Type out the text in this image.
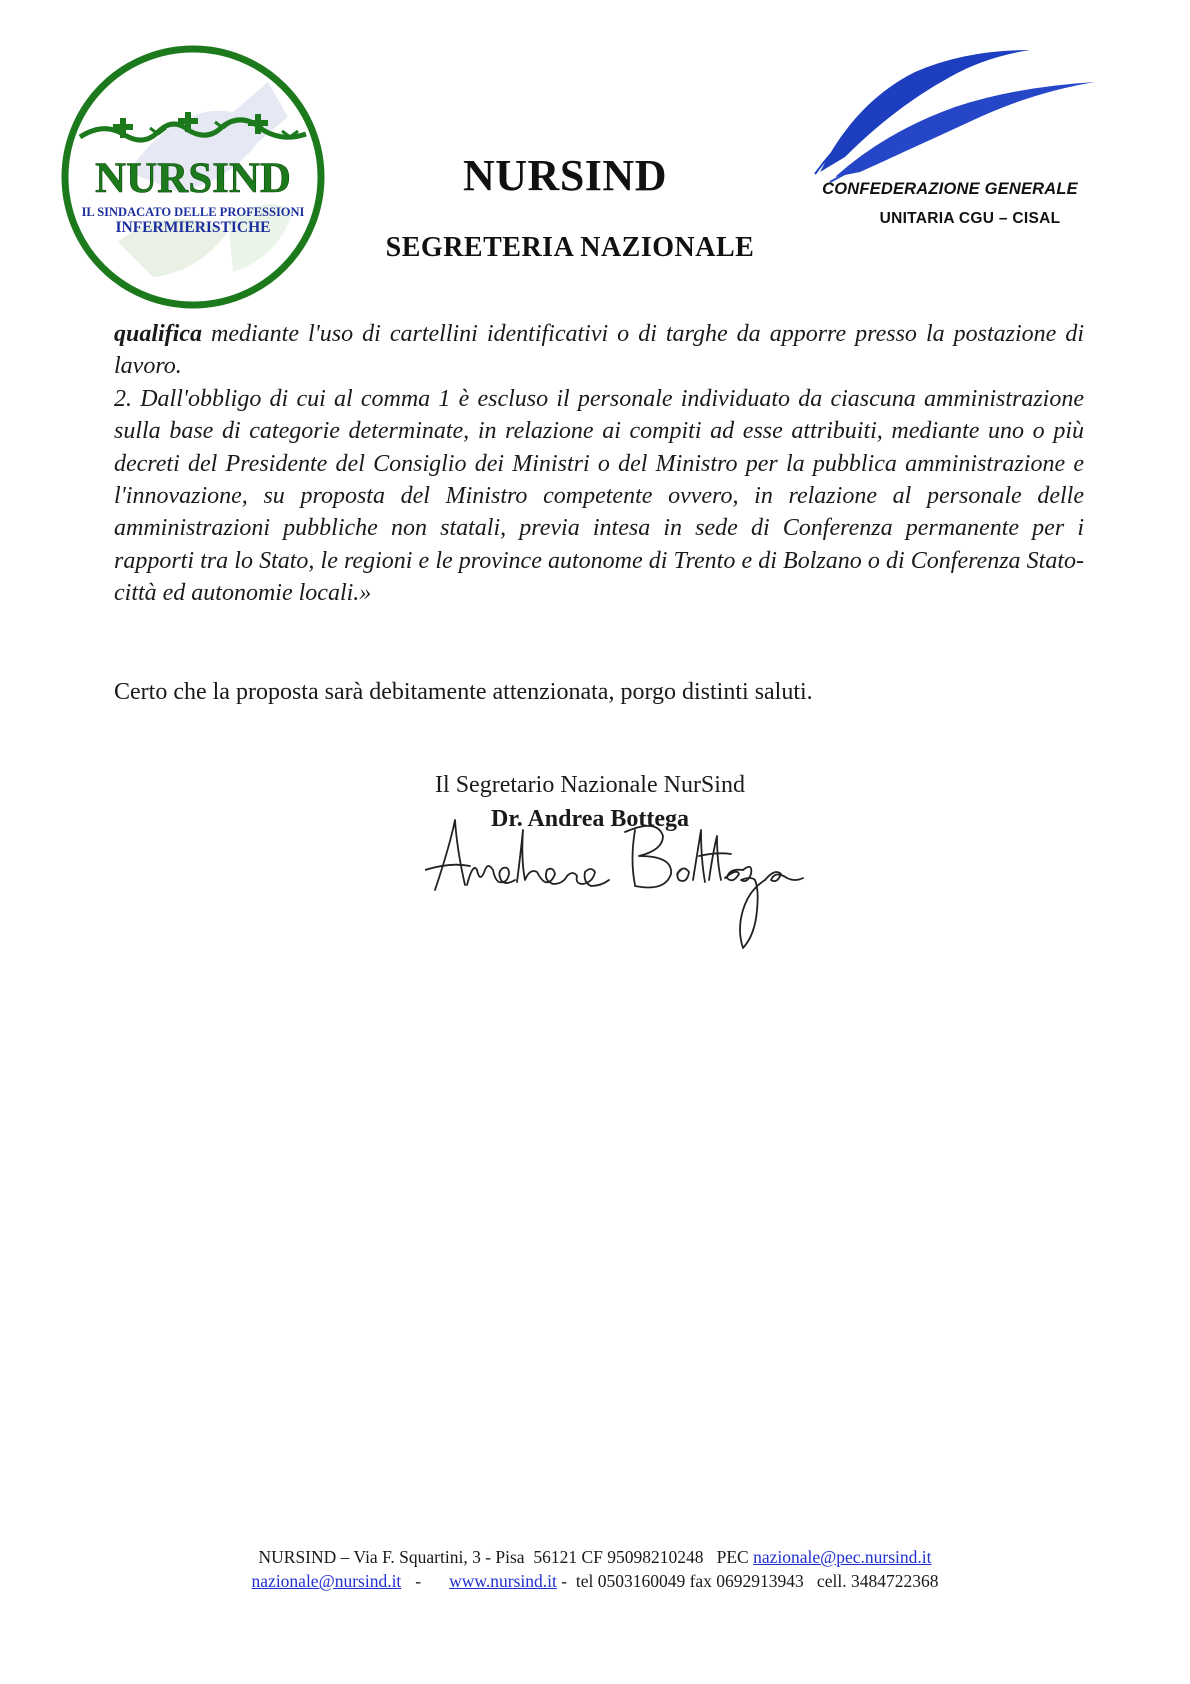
NURSIND
IL SINDACATO DELLE PROFESSIONI
INFERMIERISTICHE
NURSIND
SEGRETERIA NAZIONALE
CONFEDERAZIONE GENERALE
UNITARIA CGU – CISAL

qualifica mediante l'uso di cartellini identificativi o di targhe da apporre presso la postazione di lavoro.

2. Dall'obbligo di cui al comma 1 è escluso il personale individuato da ciascuna amministrazione sulla base di categorie determinate, in relazione ai compiti ad esse attribuiti, mediante uno o più decreti del Presidente del Consiglio dei Ministri o del Ministro per la pubblica amministrazione e l'innovazione, su proposta del Ministro competente ovvero, in relazione al personale delle amministrazioni pubbliche non statali, previa intesa in sede di Conferenza permanente per i rapporti tra lo Stato, le regioni e le province autonome di Trento e di Bolzano o di Conferenza Stato-città ed autonomie locali.»

Certo che la proposta sarà debitamente attenzionata, porgo distinti saluti.
Il Segretario Nazionale NurSind
Dr. Andrea Bottega
NURSIND – Via F. Squartini, 3 - Pisa  56121 CF 95098210248   PEC nazionale@pec.nursind.it
nazionale@nursind.it - www.nursind.it -  tel 0503160049 fax 0692913943   cell. 3484722368
